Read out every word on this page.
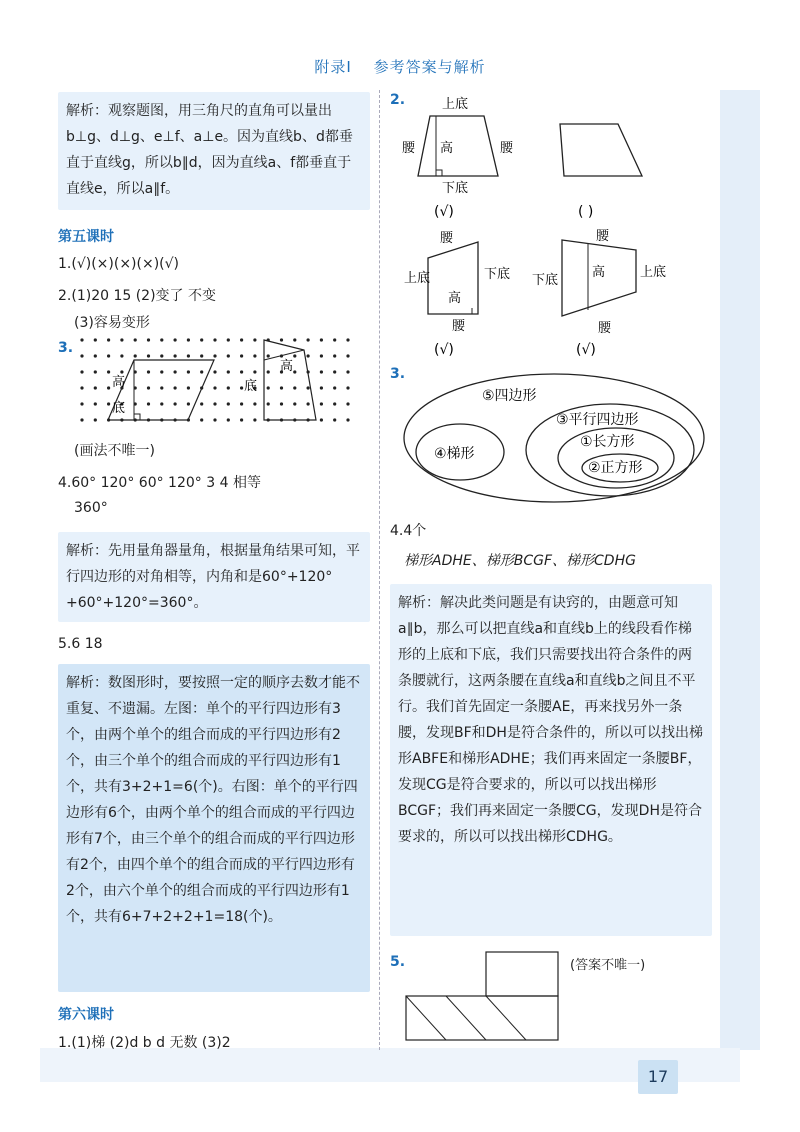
附录Ⅰ 参考答案与解析
解析：观察题图，用三角尺的直角可以量出b⊥g、d⊥g、e⊥f、a⊥e。因为直线b、d都垂直于直线g，所以b∥d，因为直线a、f都垂直于直线e，所以a∥f。
第五课时
1.(√)(×)(×)(×)(√)
2.(1)20 15 (2)变了 不变
(3)容易变形
3.
高
底
底
高
(画法不唯一)
4.60° 120° 60° 120° 3 4 相等
360°
解析：先用量角器量角，根据量角结果可知，平行四边形的对角相等，内角和是60°+120°+60°+120°=360°。
5.6 18
解析：数图形时，要按照一定的顺序去数才能不重复、不遗漏。左图：单个的平行四边形有3个，由两个单个的组合而成的平行四边形有2个，由三个单个的组合而成的平行四边形有1个，共有3+2+1=6(个)。右图：单个的平行四边形有6个，由两个单个的组合而成的平行四边形有7个，由三个单个的组合而成的平行四边形有2个，由四个单个的组合而成的平行四边形有2个，由六个单个的组合而成的平行四边形有1个，共有6+7+2+2+1=18(个)。
第六课时
1.(1)梯 (2)d b d 无数 (3)2
2.	上底
腰 高	腰
下底
(√)	( )
腰
上底
高
下底
腰
(√)
腰
下底
高	上底
腰
(√)
3.
⑤四边形
④梯形
③平行四边形
①长方形
②正方形
4.4个
梯形ADHE、梯形BCGF、梯形CDHG
解析：解决此类问题是有诀窍的，由题意可知a∥b，那么可以把直线a和直线b上的线段看作梯形的上底和下底，我们只需要找出符合条件的两条腰就行，这两条腰在直线a和直线b之间且不平行。我们首先固定一条腰AE，再来找另外一条腰，发现BF和DH是符合条件的，所以可以找出梯形ABFE和梯形ADHE；我们再来固定一条腰BF，发现CG是符合要求的，所以可以找出梯形BCGF；我们再来固定一条腰CG，发现DH是符合要求的，所以可以找出梯形CDHG。
5.	(答案不唯一)
17
